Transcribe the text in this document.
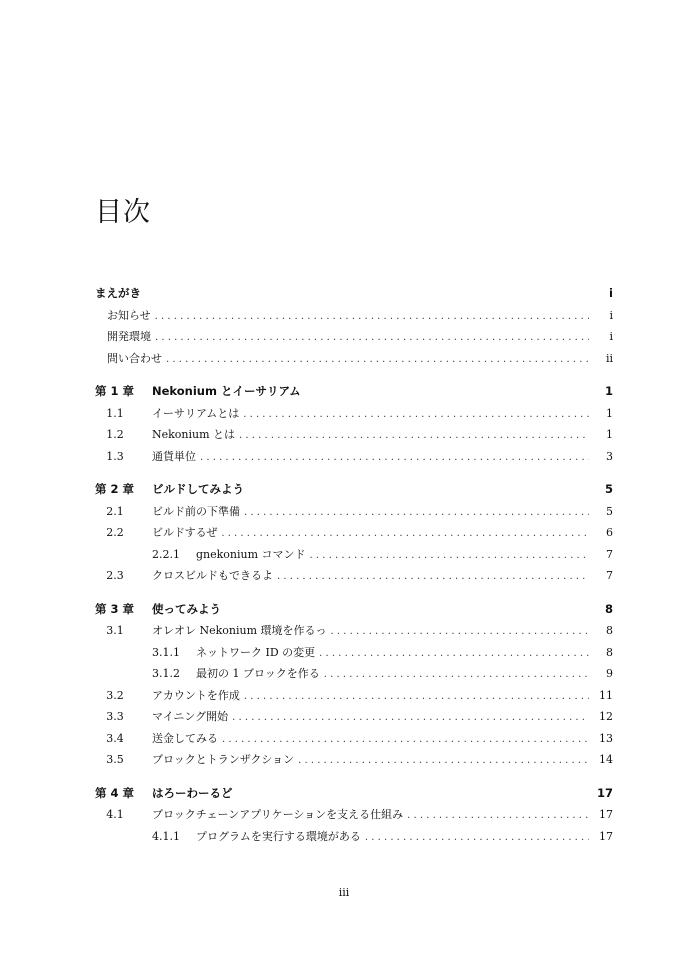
目次
まえがき	i
お知らせ . . .	i
開発環境 . . .	i
問い合わせ . . .	ii
第 1 章	Nekonium とイーサリアム	1
1.1	イーサリアムとは . . .	1
1.2	Nekonium とは . . .	1
1.3	通貨単位 . . .	3
第 2 章	ビルドしてみよう	5
2.1	ビルド前の下準備 . . .	5
2.2	ビルドするぜ . . .	6
2.2.1	gnekonium コマンド . . .	7
2.3	クロスビルドもできるよ . . .	7
第 3 章	使ってみよう	8
3.1	オレオレ Nekonium 環境を作るっ . . .	8
3.1.1	ネットワーク ID の変更 . . .	8
3.1.2	最初の 1 ブロックを作る . . .	9
3.2	アカウントを作成 . . .	11
3.3	マイニング開始 . . .	12
3.4	送金してみる . . .	13
3.5	ブロックとトランザクション . . .	14
第 4 章	はろーわーるど	17
4.1	ブロックチェーンアプリケーションを支える仕組み . . .	17
4.1.1	プログラムを実行する環境がある . . .	17
iii
